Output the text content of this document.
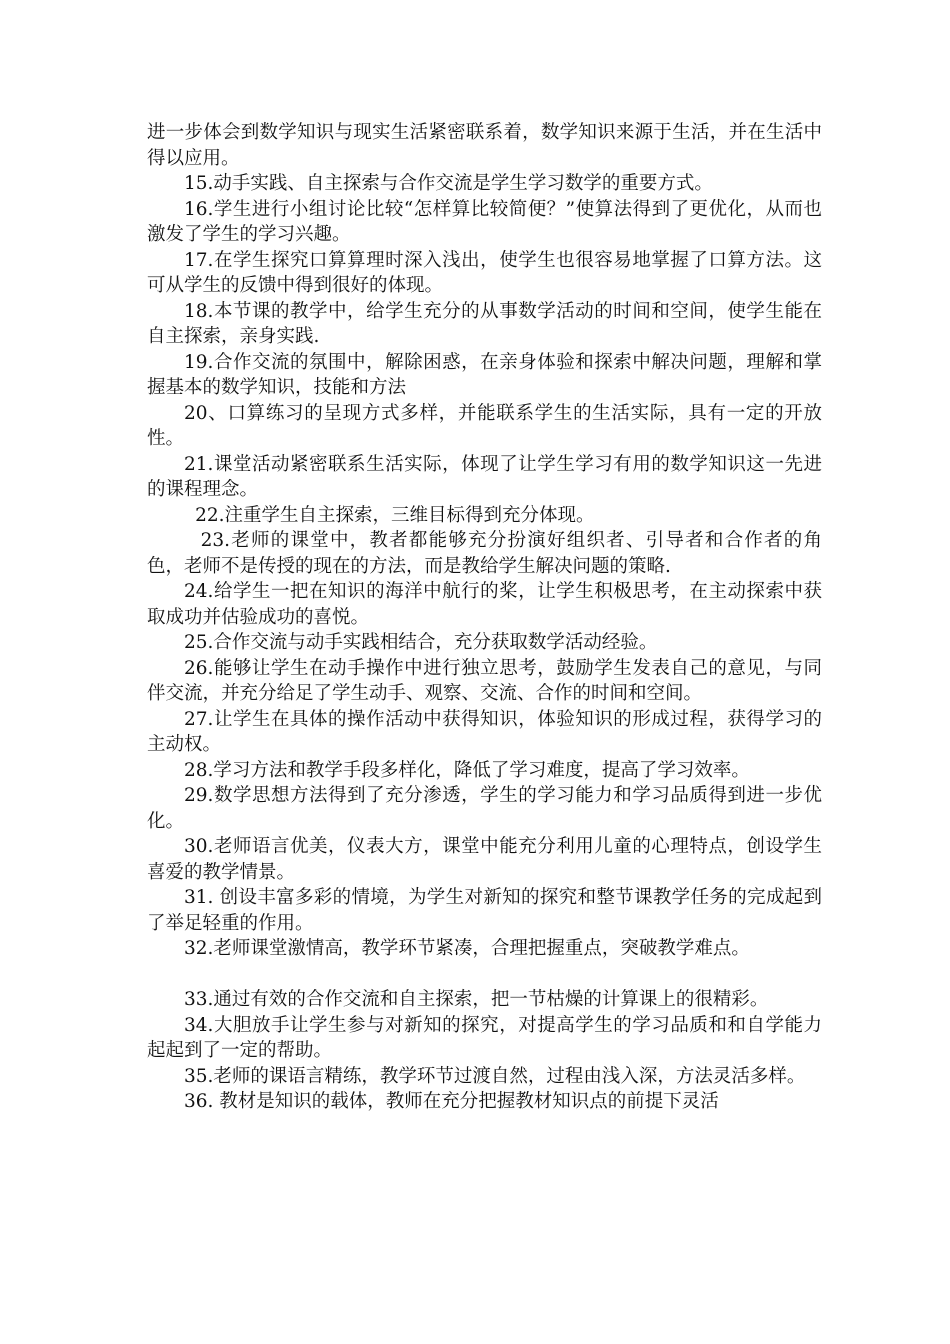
进一步体会到数学知识与现实生活紧密联系着，数学知识来源于生活，并在生活中得以应用。

15.动手实践、自主探索与合作交流是学生学习数学的重要方式。

16.学生进行小组讨论比较“怎样算比较简便？”使算法得到了更优化，从而也激发了学生的学习兴趣。

17.在学生探究口算算理时深入浅出，使学生也很容易地掌握了口算方法。这可从学生的反馈中得到很好的体现。

18.本节课的教学中，给学生充分的从事数学活动的时间和空间，使学生能在自主探索，亲身实践.

19.合作交流的氛围中，解除困惑，在亲身体验和探索中解决问题，理解和掌握基本的数学知识，技能和方法

20、口算练习的呈现方式多样，并能联系学生的生活实际，具有一定的开放性。

21.课堂活动紧密联系生活实际，体现了让学生学习有用的数学知识这一先进的课程理念。

22.注重学生自主探索，三维目标得到充分体现。

23.老师的课堂中，教者都能够充分扮演好组织者、引导者和合作者的角色，老师不是传授的现在的方法，而是教给学生解决问题的策略.

24.给学生一把在知识的海洋中航行的桨，让学生积极思考，在主动探索中获取成功并估验成功的喜悦。

25.合作交流与动手实践相结合，充分获取数学活动经验。

26.能够让学生在动手操作中进行独立思考，鼓励学生发表自己的意见，与同伴交流，并充分给足了学生动手、观察、交流、合作的时间和空间。

27.让学生在具体的操作活动中获得知识，体验知识的形成过程，获得学习的主动权。

28.学习方法和教学手段多样化，降低了学习难度，提高了学习效率。

29.数学思想方法得到了充分渗透，学生的学习能力和学习品质得到进一步优化。

30.老师语言优美，仪表大方，课堂中能充分利用儿童的心理特点，创设学生喜爱的教学情景。

31. 创设丰富多彩的情境，为学生对新知的探究和整节课教学任务的完成起到了举足轻重的作用。

32.老师课堂激情高，教学环节紧凑，合理把握重点，突破教学难点。

33.通过有效的合作交流和自主探索，把一节枯燥的计算课上的很精彩。

34.大胆放手让学生参与对新知的探究，对提高学生的学习品质和和自学能力起起到了一定的帮助。

35.老师的课语言精练，教学环节过渡自然，过程由浅入深，方法灵活多样。

36. 教材是知识的载体，教师在充分把握教材知识点的前提下灵活
